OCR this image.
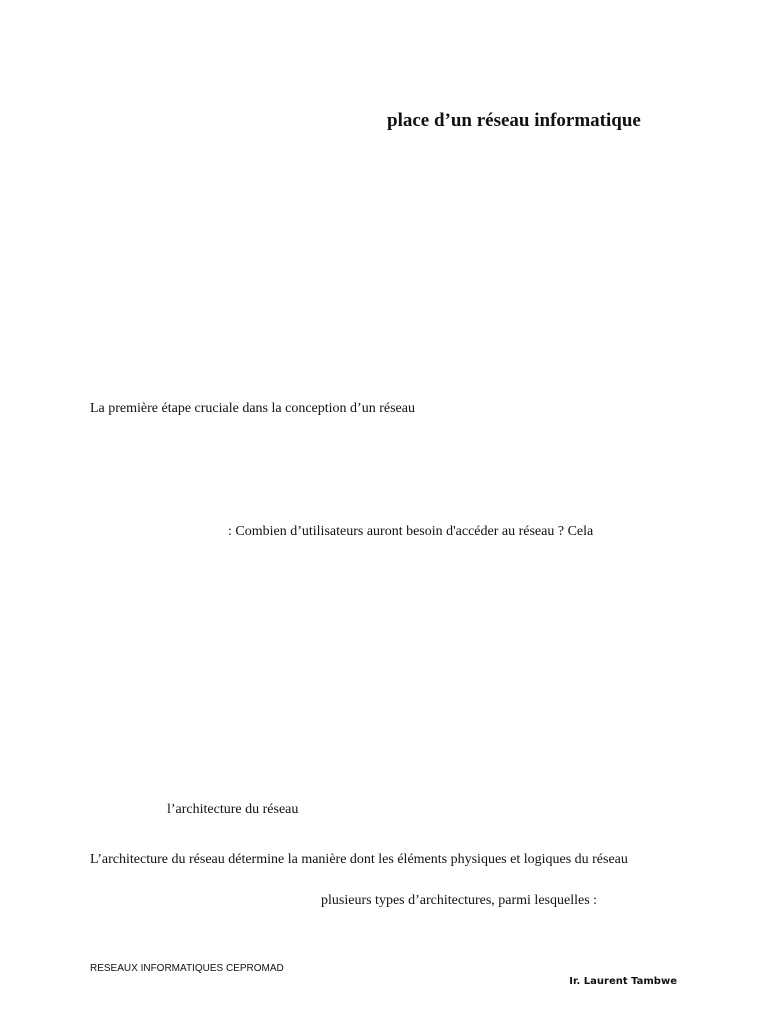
place d’un réseau informatique
La première étape cruciale dans la conception d’un réseau
: Combien d’utilisateurs auront besoin d'accéder au réseau ? Cela
l’architecture du réseau
L’architecture du réseau détermine la manière dont les éléments physiques et logiques du réseau
plusieurs types d’architectures, parmi lesquelles :
RESEAUX INFORMATIQUES CEPROMAD
Ir. Laurent Tambwe
